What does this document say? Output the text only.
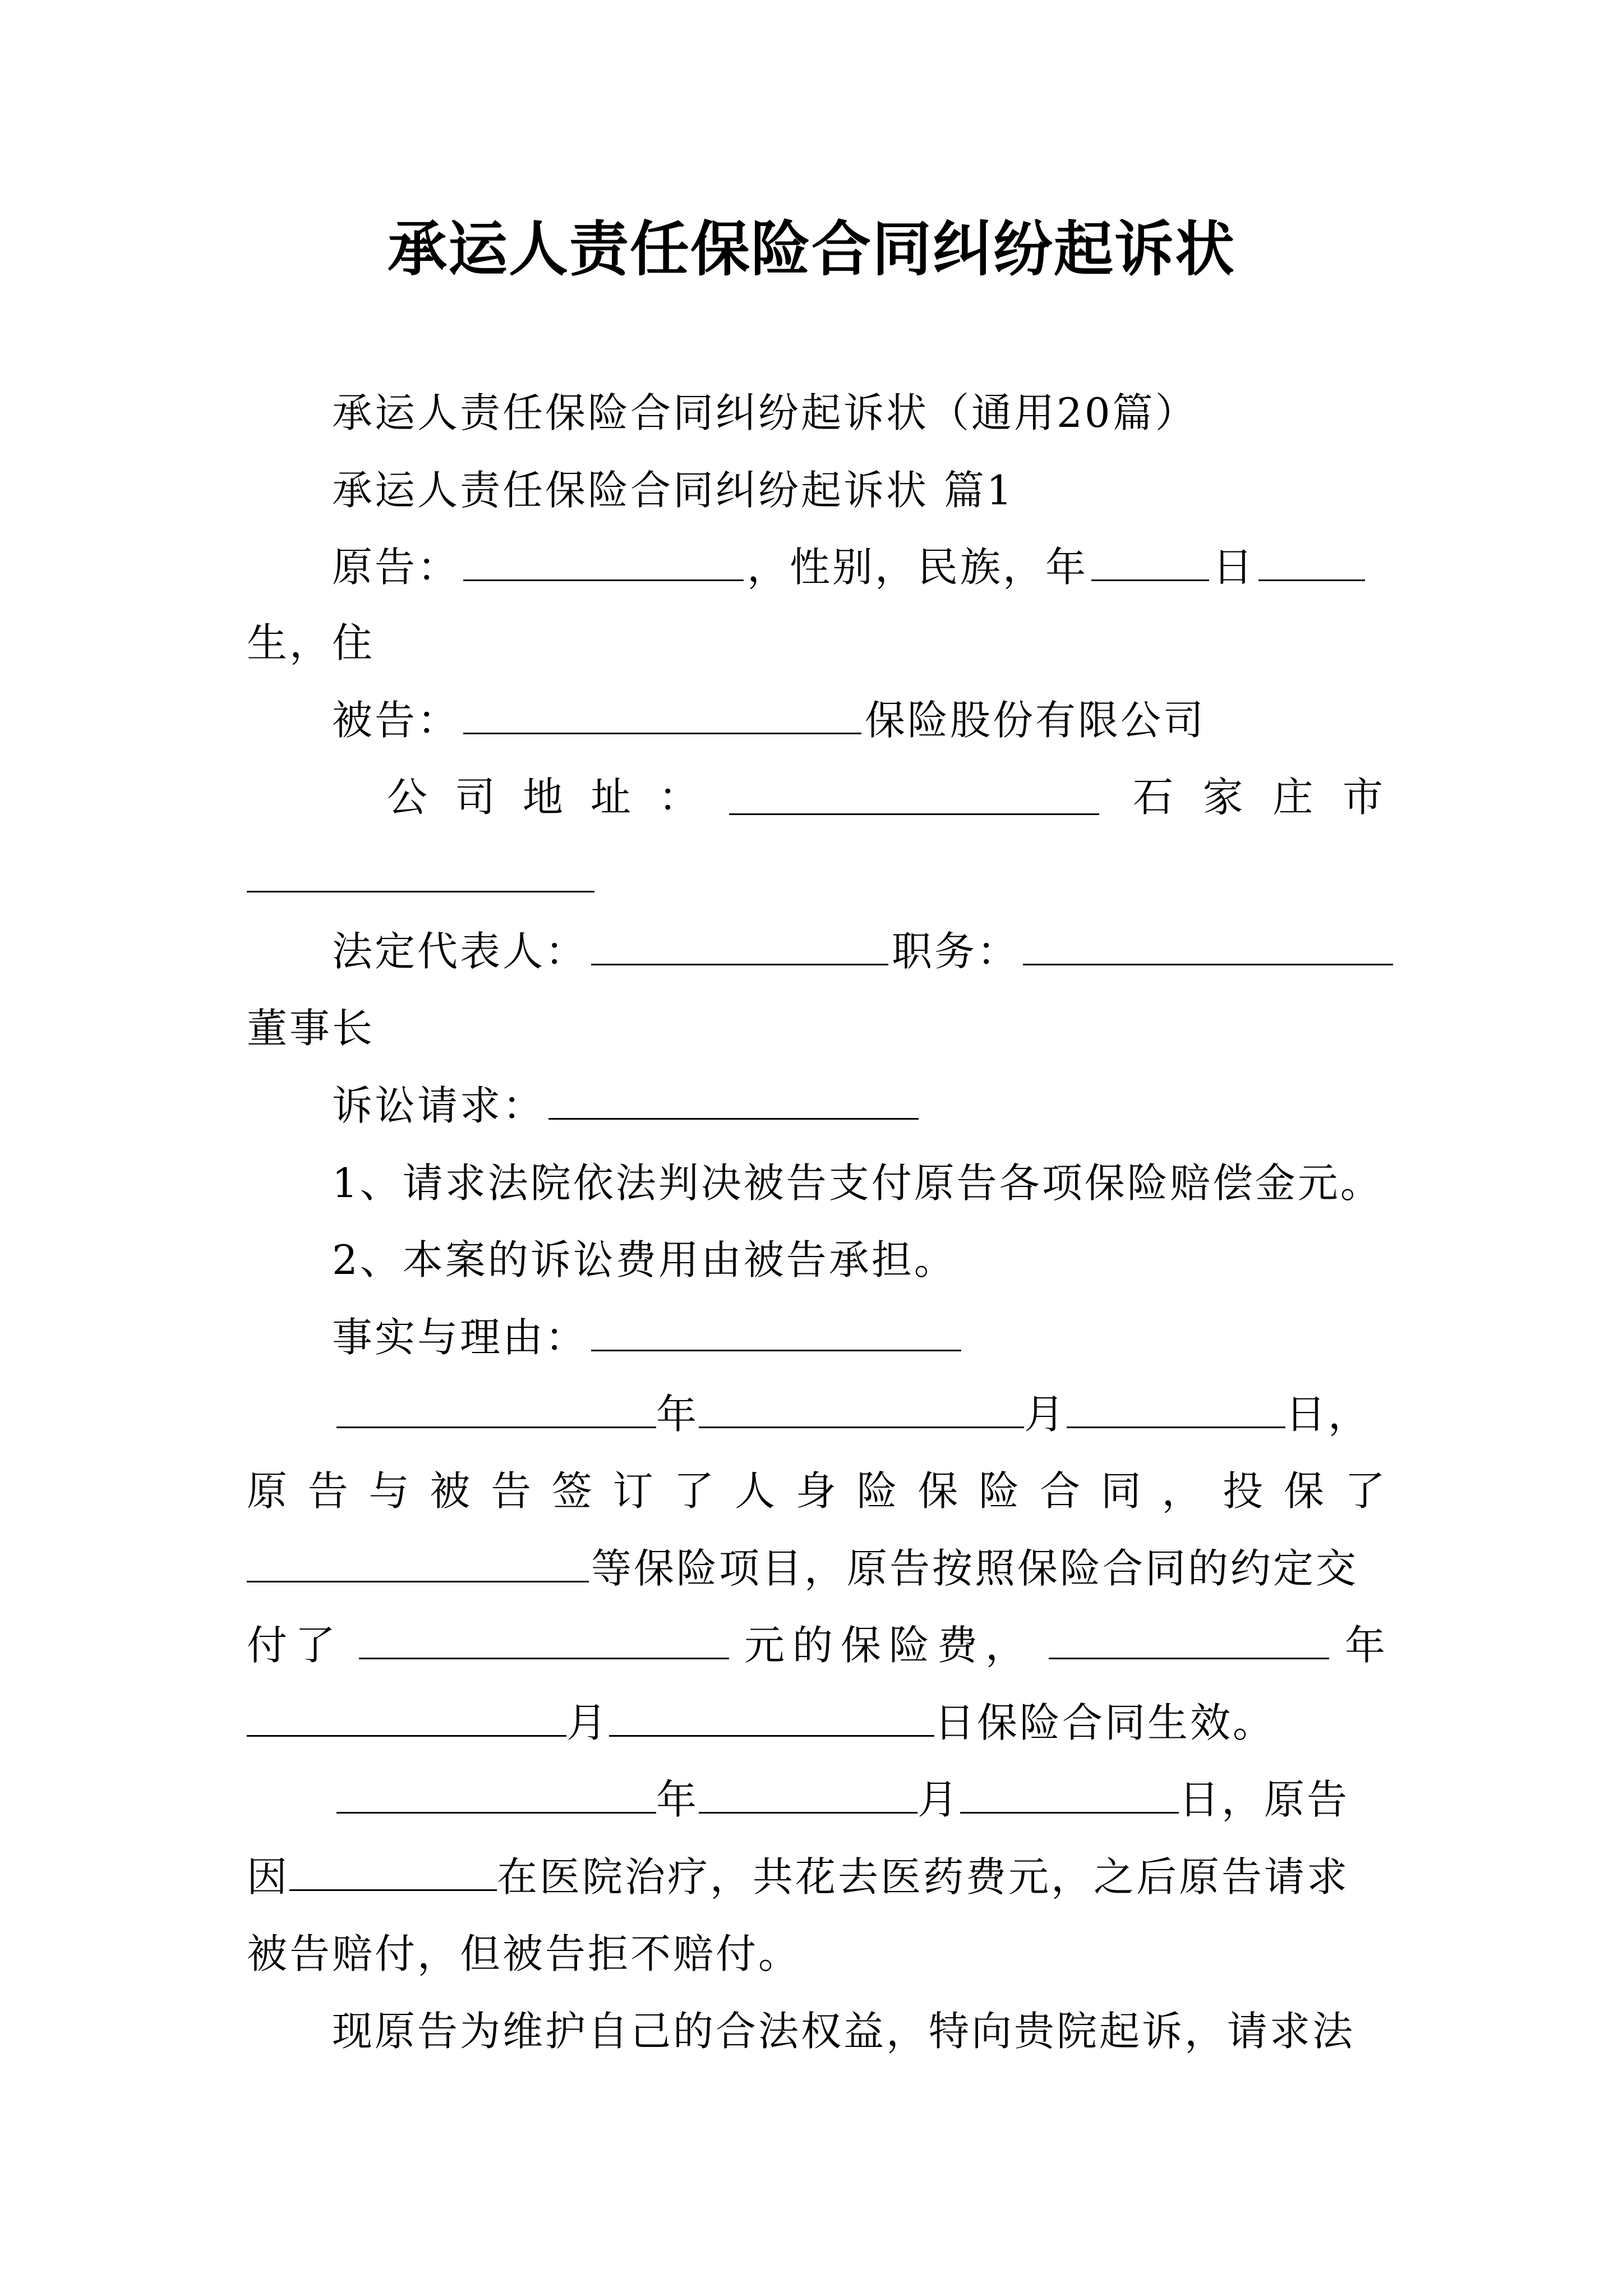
承运人责任保险合同纠纷起诉状
承运人责任保险合同纠纷起诉状（通用20篇）
承运人责任保险合同纠纷起诉状 篇1
原告：	，性别，民族，年	日
生，住
被告：	保险股份有限公司
公 司 地 址 ：	石 家 庄 市
法定代表人：	职务：
董事长
诉讼请求：
1、请求法院依法判决被告支付原告各项保险赔偿金元。
2、本案的诉讼费用由被告承担。
事实与理由：
年	月	日，
原 告 与 被 告 签 订 了 人 身 险 保 险 合 同 ， 投 保 了
等保险项目，原告按照保险合同的约定交
付了	元的保险费，	年
月	日保险合同生效。
年	月	日，原告
因	在医院治疗，共花去医药费元，之后原告请求
被告赔付，但被告拒不赔付。
现原告为维护自己的合法权益，特向贵院起诉，请求法
